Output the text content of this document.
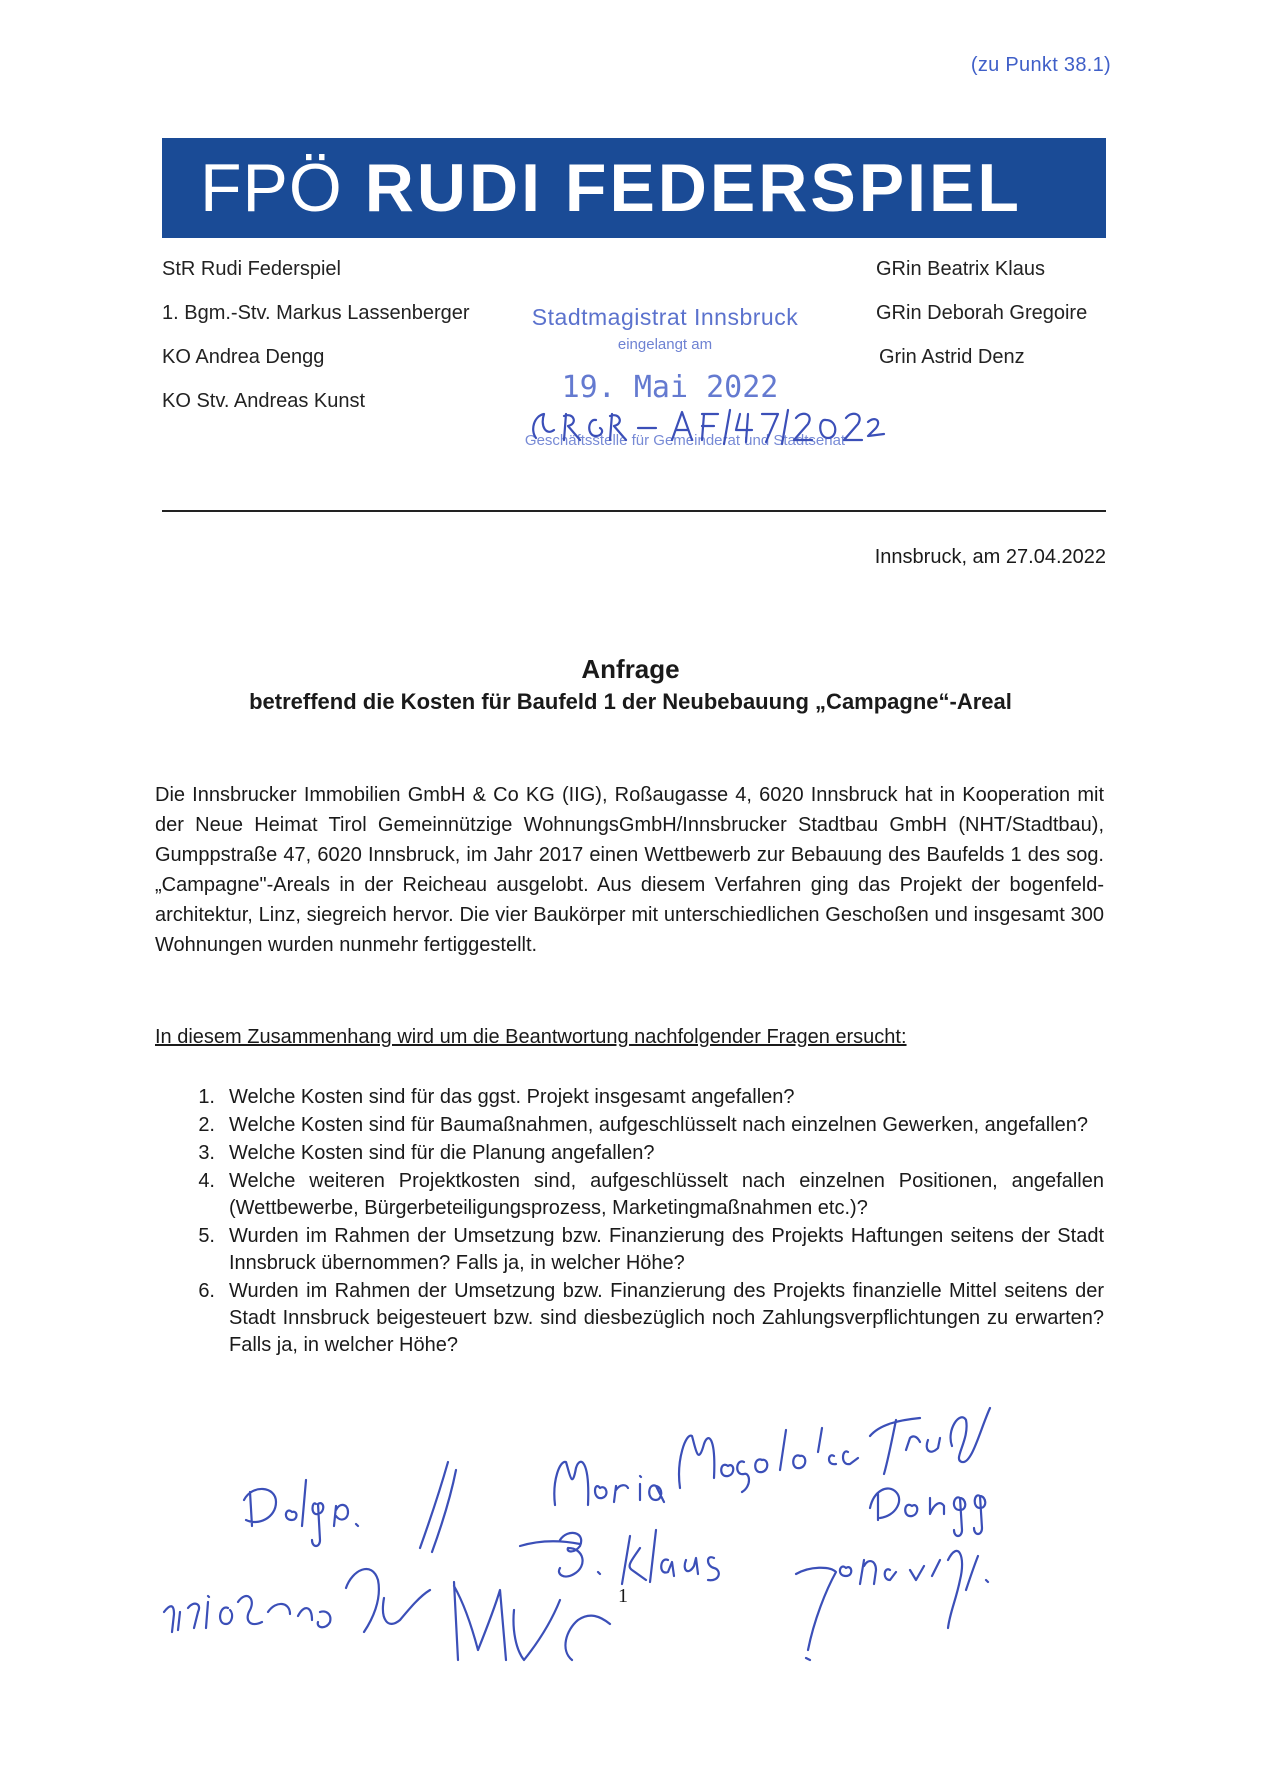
(zu Punkt 38.1)
FPÖ RUDI FEDERSPIEL
StR Rudi Federspiel
1. Bgm.-Stv. Markus Lassenberger
KO Andrea Dengg
KO Stv. Andreas Kunst
GRin Beatrix Klaus
GRin Deborah Gregoire
Grin Astrid Denz
Stadtmagistrat Innsbruck
eingelangt am
19. Mai 2022
Geschäftsstelle für Gemeinderat und Stadtsenat
Innsbruck, am 27.04.2022
Anfrage
betreffend die Kosten für Baufeld 1 der Neubebauung „Campagne“-Areal
Die Innsbrucker Immobilien GmbH & Co KG (IIG), Roßaugasse 4, 6020 Innsbruck hat in Kooperation mit der Neue Heimat Tirol Gemeinnützige WohnungsGmbH/Innsbrucker Stadtbau GmbH (NHT/Stadtbau), Gumppstraße 47, 6020 Innsbruck, im Jahr 2017 einen Wettbewerb zur Bebauung des Baufelds 1 des sog. „Campagne"-Areals in der Reicheau ausgelobt. Aus diesem Verfahren ging das Projekt der bogenfeld-architektur, Linz, siegreich hervor. Die vier Baukörper mit unterschiedlichen Geschoßen und insgesamt 300 Wohnungen wurden nunmehr fertiggestellt.
In diesem Zusammenhang wird um die Beantwortung nachfolgender Fragen ersucht:
1. Welche Kosten sind für das ggst. Projekt insgesamt angefallen?
2. Welche Kosten sind für Baumaßnahmen, aufgeschlüsselt nach einzelnen Gewerken, angefallen?
3. Welche Kosten sind für die Planung angefallen?
4. Welche weiteren Projektkosten sind, aufgeschlüsselt nach einzelnen Positionen, angefallen (Wettbewerbe, Bürgerbeteiligungsprozess, Marketingmaßnahmen etc.)?
5. Wurden im Rahmen der Umsetzung bzw. Finanzierung des Projekts Haftungen seitens der Stadt Innsbruck übernommen? Falls ja, in welcher Höhe?
6. Wurden im Rahmen der Umsetzung bzw. Finanzierung des Projekts finanzielle Mittel seitens der Stadt Innsbruck beigesteuert bzw. sind diesbezüglich noch Zahlungsverpflichtungen zu erwarten? Falls ja, in welcher Höhe?
1
